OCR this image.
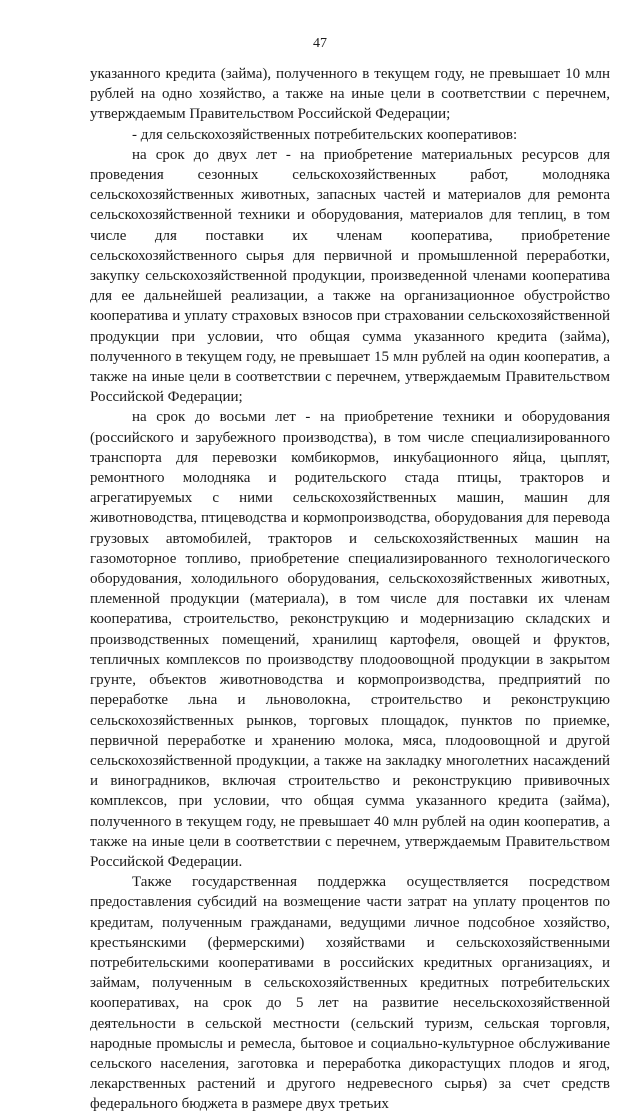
47

указанного кредита (займа), полученного в текущем году, не превышает 10 млн рублей на одно хозяйство, а также на иные цели в соответствии с перечнем, утверждаемым Правительством Российской Федерации;

- для сельскохозяйственных потребительских кооперативов:

на срок до двух лет - на приобретение материальных ресурсов для проведения сезонных сельскохозяйственных работ, молодняка сельскохозяйственных животных, запасных частей и материалов для ремонта сельскохозяйственной техники и оборудования, материалов для теплиц, в том числе для поставки их членам кооператива, приобретение сельскохозяйственного сырья для первичной и промышленной переработки, закупку сельскохозяйственной продукции, произведенной членами кооператива для ее дальнейшей реализации, а также на организационное обустройство кооператива и уплату страховых взносов при страховании сельскохозяйственной продукции при условии, что общая сумма указанного кредита (займа), полученного в текущем году, не превышает 15 млн рублей на один кооператив, а также на иные цели в соответствии с перечнем, утверждаемым Правительством Российской Федерации;

на срок до восьми лет - на приобретение техники и оборудования (российского и зарубежного производства), в том числе специализированного транспорта для перевозки комбикормов, инкубационного яйца, цыплят, ремонтного молодняка и родительского стада птицы, тракторов и агрегатируемых с ними сельскохозяйственных машин, машин для животноводства, птицеводства и кормопроизводства, оборудования для перевода грузовых автомобилей, тракторов и сельскохозяйственных машин на газомоторное топливо, приобретение специализированного технологического оборудования, холодильного оборудования, сельскохозяйственных животных, племенной продукции (материала), в том числе для поставки их членам кооператива, строительство, реконструкцию и модернизацию складских и производственных помещений, хранилищ картофеля, овощей и фруктов, тепличных комплексов по производству плодоовощной продукции в закрытом грунте, объектов животноводства и кормопроизводства, предприятий по переработке льна и льноволокна, строительство и реконструкцию сельскохозяйственных рынков, торговых площадок, пунктов по приемке, первичной переработке и хранению молока, мяса, плодоовощной и другой сельскохозяйственной продукции, а также на закладку многолетних насаждений и виноградников, включая строительство и реконструкцию прививочных комплексов, при условии, что общая сумма указанного кредита (займа), полученного в текущем году, не превышает 40 млн рублей на один кооператив, а также на иные цели в соответствии с перечнем, утверждаемым Правительством Российской Федерации.

Также государственная поддержка осуществляется посредством предоставления субсидий на возмещение части затрат на уплату процентов по кредитам, полученным гражданами, ведущими личное подсобное хозяйство, крестьянскими (фермерскими) хозяйствами и сельскохозяйственными потребительскими кооперативами в российских кредитных организациях, и займам, полученным в сельскохозяйственных кредитных потребительских кооперативах, на срок до 5 лет на развитие несельскохозяйственной деятельности в сельской местности (сельский туризм, сельская торговля, народные промыслы и ремесла, бытовое и социально-культурное обслуживание сельского населения, заготовка и переработка дикорастущих плодов и ягод, лекарственных растений и другого недревесного сырья) за счет средств федерального бюджета в размере двух третьих
